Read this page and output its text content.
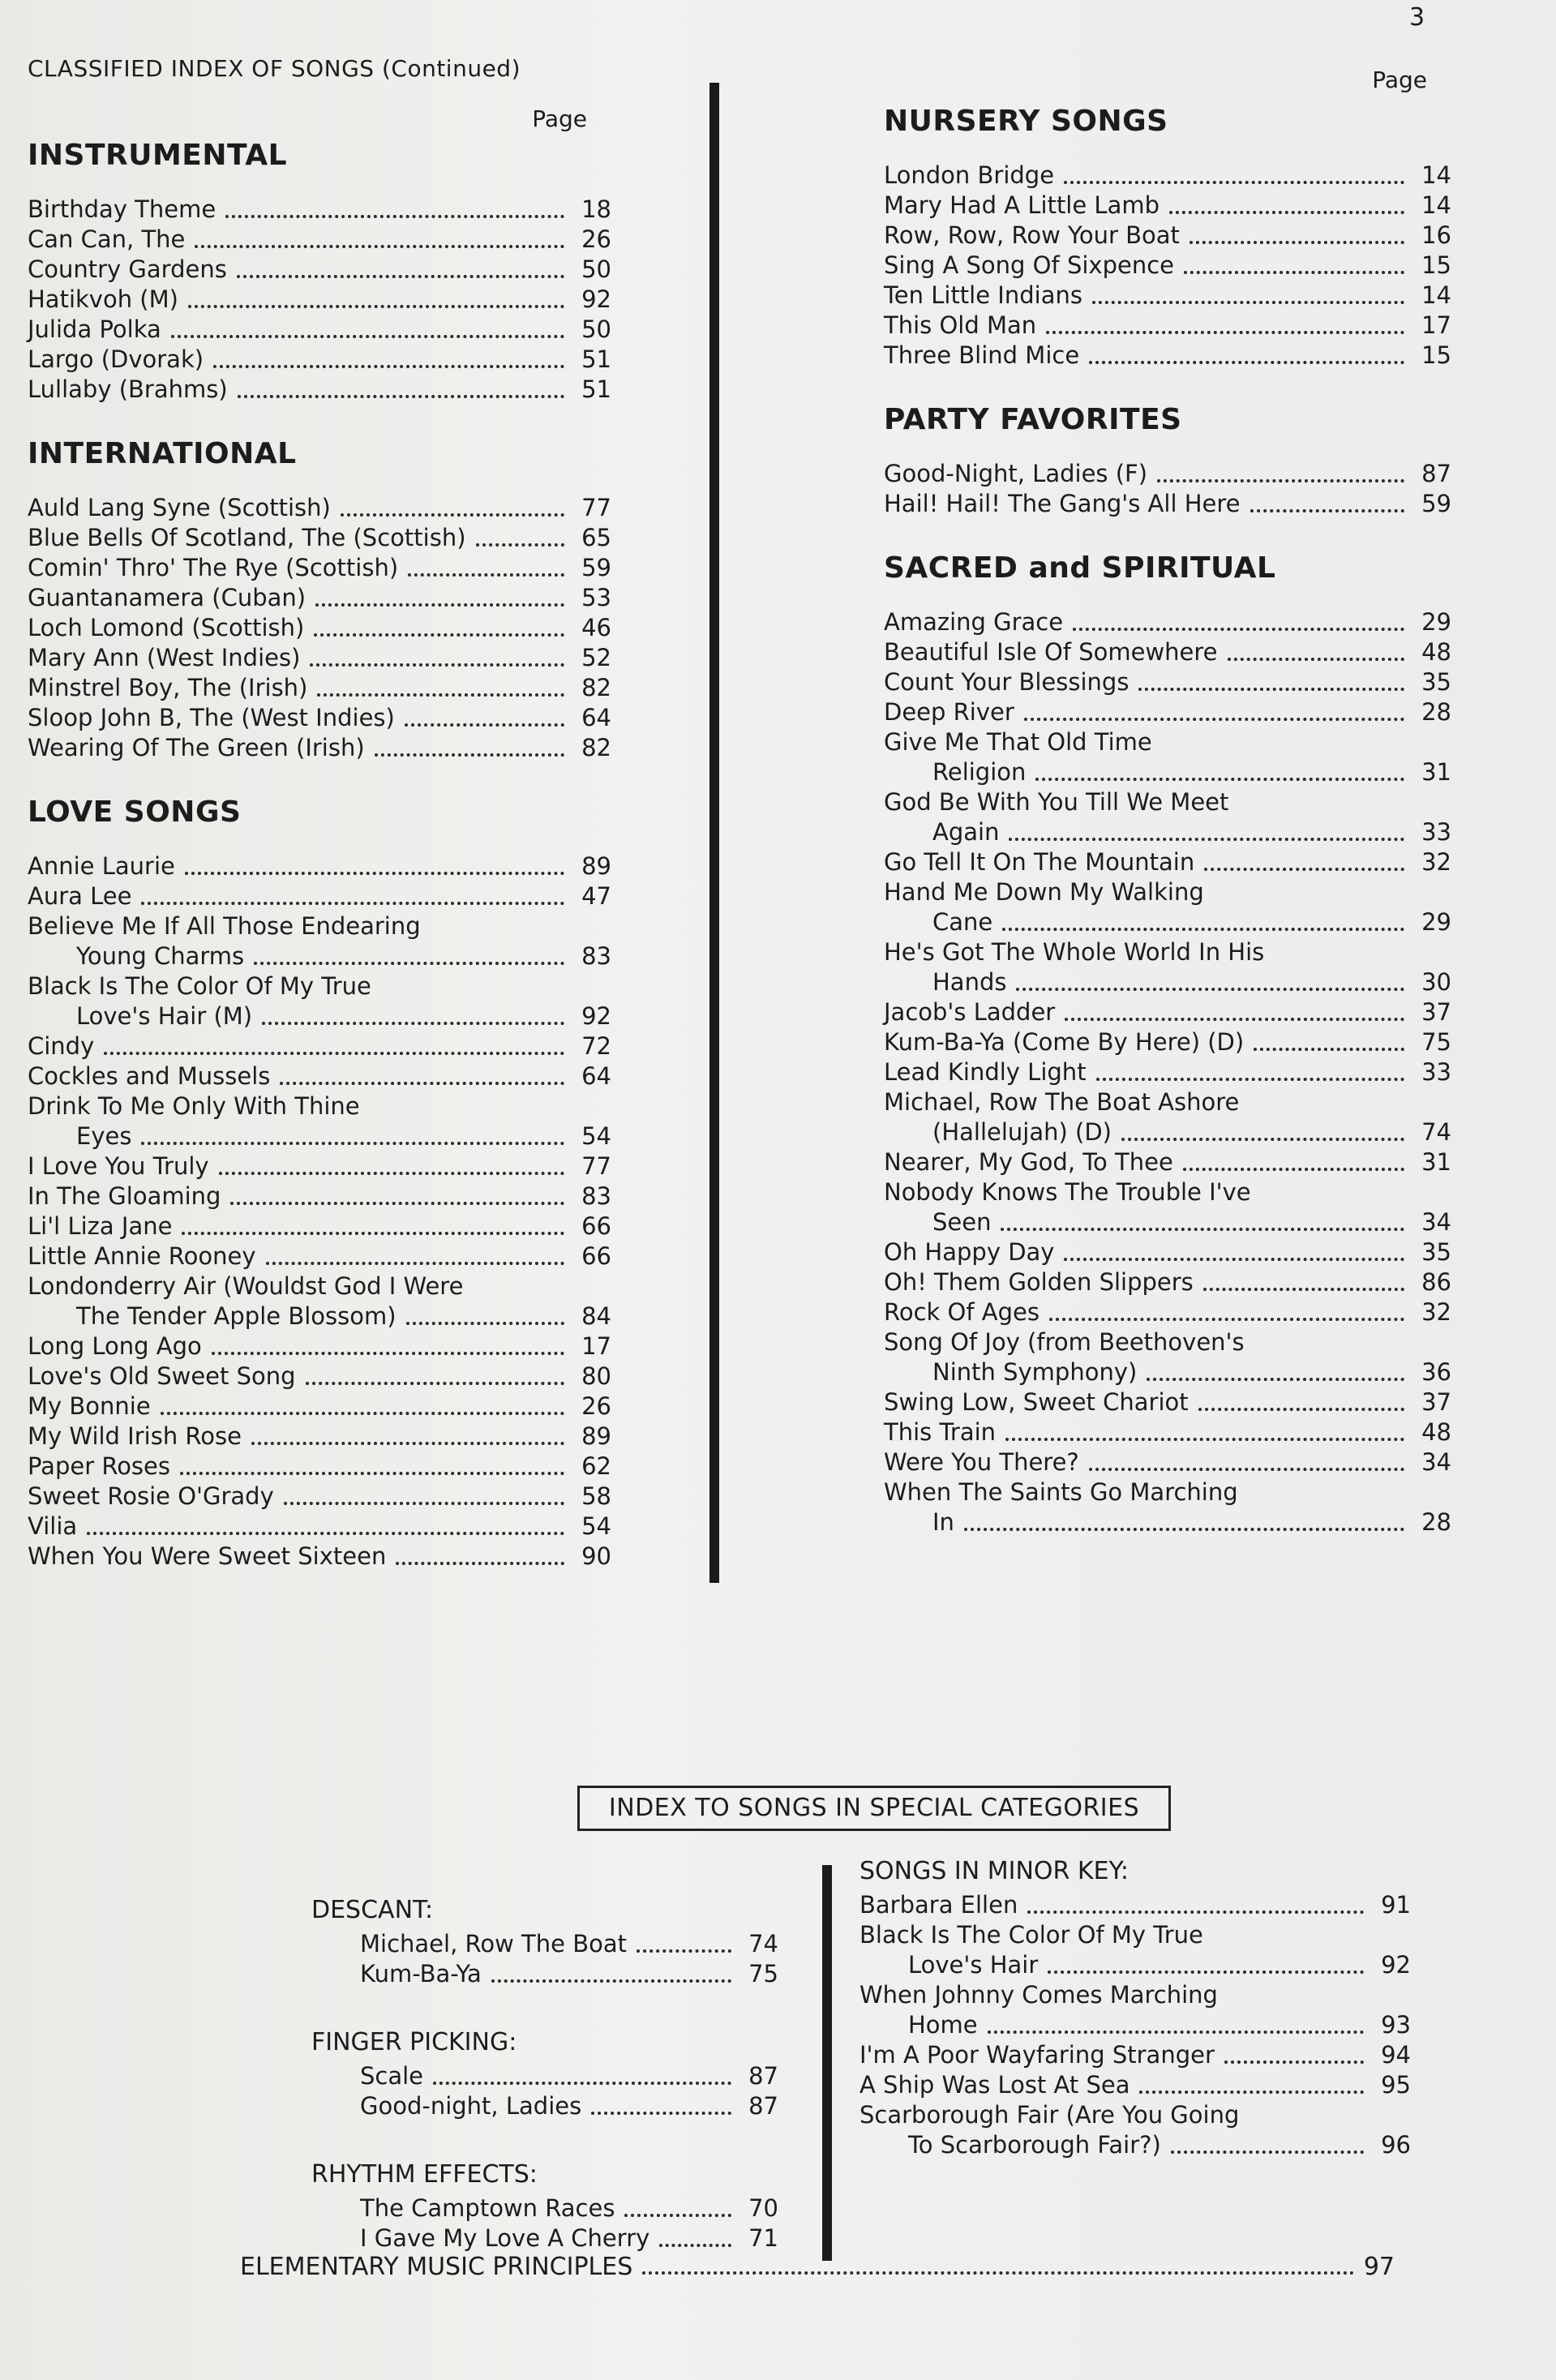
3
CLASSIFIED INDEX OF SONGS (Continued)
Page
INSTRUMENTAL
Birthday Theme	18
Can Can, The	26
Country Gardens	50
Hatikvoh (M)	92
Julida Polka	50
Largo (Dvorak)	51
Lullaby (Brahms)	51
INTERNATIONAL
Auld Lang Syne (Scottish)	77
Blue Bells Of Scotland, The (Scottish)	65
Comin' Thro' The Rye (Scottish)	59
Guantanamera (Cuban)	53
Loch Lomond (Scottish)	46
Mary Ann (West Indies)	52
Minstrel Boy, The (Irish)	82
Sloop John B, The (West Indies)	64
Wearing Of The Green (Irish)	82
LOVE SONGS
Annie Laurie	89
Aura Lee	47
Believe Me If All Those Endearing
Young Charms	83
Black Is The Color Of My True
Love's Hair (M)	92
Cindy	72
Cockles and Mussels	64
Drink To Me Only With Thine
Eyes	54
I Love You Truly	77
In The Gloaming	83
Li'l Liza Jane	66
Little Annie Rooney	66
Londonderry Air (Wouldst God I Were
The Tender Apple Blossom)	84
Long Long Ago	17
Love's Old Sweet Song	80
My Bonnie	26
My Wild Irish Rose	89
Paper Roses	62
Sweet Rosie O'Grady	58
Vilia	54
When You Were Sweet Sixteen	90
Page
NURSERY SONGS
London Bridge	14
Mary Had A Little Lamb	14
Row, Row, Row Your Boat	16
Sing A Song Of Sixpence	15
Ten Little Indians	14
This Old Man	17
Three Blind Mice	15
PARTY FAVORITES
Good-Night, Ladies (F)	87
Hail! Hail! The Gang's All Here	59
SACRED and SPIRITUAL
Amazing Grace	29
Beautiful Isle Of Somewhere	48
Count Your Blessings	35
Deep River	28
Give Me That Old Time
Religion	31
God Be With You Till We Meet
Again	33
Go Tell It On The Mountain	32
Hand Me Down My Walking
Cane	29
He's Got The Whole World In His
Hands	30
Jacob's Ladder	37
Kum-Ba-Ya (Come By Here) (D)	75
Lead Kindly Light	33
Michael, Row The Boat Ashore
(Hallelujah) (D)	74
Nearer, My God, To Thee	31
Nobody Knows The Trouble I've
Seen	34
Oh Happy Day	35
Oh! Them Golden Slippers	86
Rock Of Ages	32
Song Of Joy (from Beethoven's
Ninth Symphony)	36
Swing Low, Sweet Chariot	37
This Train	48
Were You There?	34
When The Saints Go Marching
In	28
INDEX TO SONGS IN SPECIAL CATEGORIES
DESCANT:
Michael, Row The Boat	74
Kum-Ba-Ya	75
FINGER PICKING:
Scale	87
Good-night, Ladies	87
RHYTHM EFFECTS:
The Camptown Races	70
I Gave My Love A Cherry	71
SONGS IN MINOR KEY:
Barbara Ellen	91
Black Is The Color Of My True
Love's Hair	92
When Johnny Comes Marching
Home	93
I'm A Poor Wayfaring Stranger	94
A Ship Was Lost At Sea	95
Scarborough Fair (Are You Going
To Scarborough Fair?)	96
ELEMENTARY MUSIC PRINCIPLES	97
